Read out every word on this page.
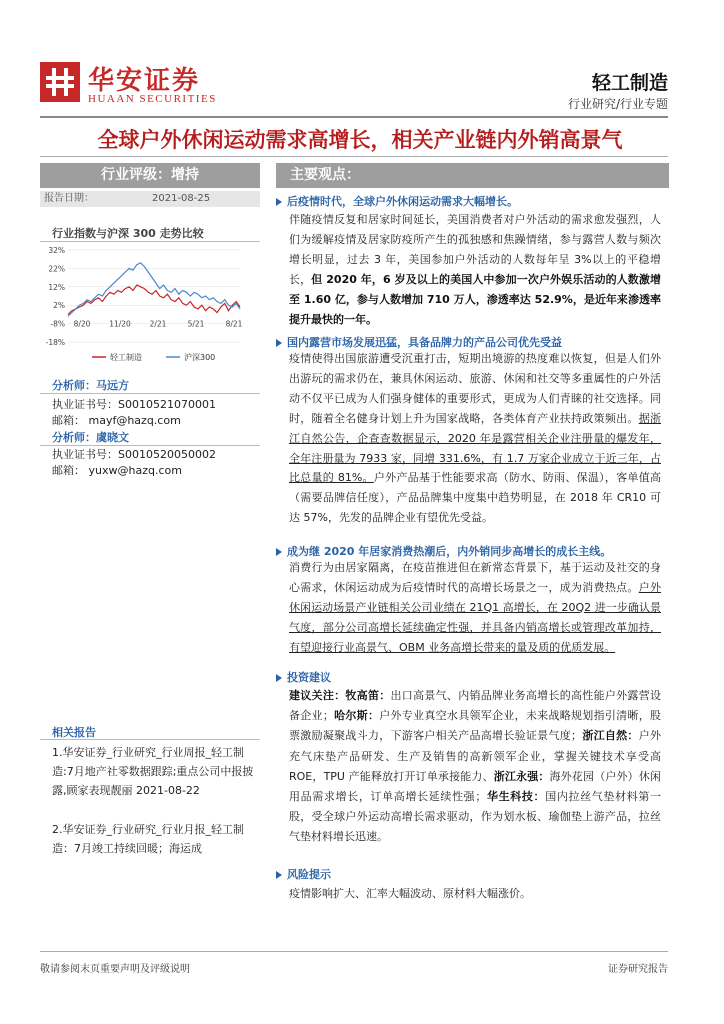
华安证券
HUAAN SECURITIES
轻工制造
行业研究/行业专题
全球户外休闲运动需求高增长，相关产业链内外销高景气
行业评级：增持
报告日期：	2021-08-25
行业指数与沪深 300 走势比较
32%
22%
12%
2%
-8%
-18%
8/20	11/20	2/21	5/21	8/21
轻工制造	沪深300
分析师：马远方
执业证书号：S0010521070001
邮箱： mayf@hazq.com
分析师：虞晓文
执业证书号：S0010520050002
邮箱： yuxw@hazq.com
相关报告
1.华安证券_行业研究_行业周报_轻工制造:7月地产社零数据跟踪;重点公司中报披露,顾家表现靓丽 2021-08-22
2.华安证券_行业研究_行业月报_轻工制造：7月竣工持续回暖；海运成
主要观点：
后疫情时代，全球户外休闲运动需求大幅增长。
伴随疫情反复和居家时间延长，美国消费者对户外活动的需求愈发强烈，人们为缓解疫情及居家防疫所产生的孤独感和焦躁情绪，参与露营人数与频次增长明显，过去 3 年，美国参加户外活动的人数每年呈 3%以上的平稳增长，但 2020 年，6 岁及以上的美国人中参加一次户外娱乐活动的人数激增至 1.60 亿，参与人数增加 710 万人，渗透率达 52.9%，是近年来渗透率提升最快的一年。
国内露营市场发展迅猛，具备品牌力的产品公司优先受益
疫情使得出国旅游遭受沉重打击，短期出境游的热度难以恢复，但是人们外出游玩的需求仍在，兼具休闲运动、旅游、休闲和社交等多重属性的户外活动不仅平已成为人们强身健体的重要形式，更成为人们青睐的社交选择。同时，随着全名健身计划上升为国家战略，各类体育产业扶持政策频出。据浙江自然公告，企查查数据显示，2020 年是露营相关企业注册量的爆发年，全年注册量为 7933 家，同增 331.6%，有 1.7 万家企业成立于近三年，占比总量的 81%。户外产品基于性能要求高（防水、防雨、保温），客单值高（需要品牌信任度），产品品牌集中度集中趋势明显，在 2018 年 CR10 可达 57%，先发的品牌企业有望优先受益。
成为继 2020 年居家消费热潮后，内外销同步高增长的成长主线。
消费行为由居家隔离，在疫苗推进但在新常态背景下，基于运动及社交的身心需求，休闲运动成为后疫情时代的高增长场景之一，成为消费热点。户外休闲运动场景产业链相关公司业绩在 21Q1 高增长，在 20Q2 进一步确认景气度，部分公司高增长延续确定性强，并具备内销高增长或管理改革加持，有望迎接行业高景气、OBM 业务高增长带来的量及质的优质发展。
投资建议
建议关注：牧高笛：出口高景气、内销品牌业务高增长的高性能户外露营设备企业；哈尔斯：户外专业真空水具领军企业，未来战略规划指引清晰，股票激励凝聚战斗力，下游客户相关产品高增长验证景气度；浙江自然：户外充气床垫产品研发、生产及销售的高新领军企业，掌握关键技术享受高 ROE，TPU 产能释放打开订单承接能力、浙江永强：海外花园（户外）休闲用品需求增长，订单高增长延续性强；华生科技：国内拉丝气垫材料第一股，受全球户外运动高增长需求驱动，作为划水板、瑜伽垫上游产品，拉丝气垫材料增长迅速。
风险提示
疫情影响扩大、汇率大幅波动、原材料大幅涨价。
敬请参阅末页重要声明及评级说明	证券研究报告
